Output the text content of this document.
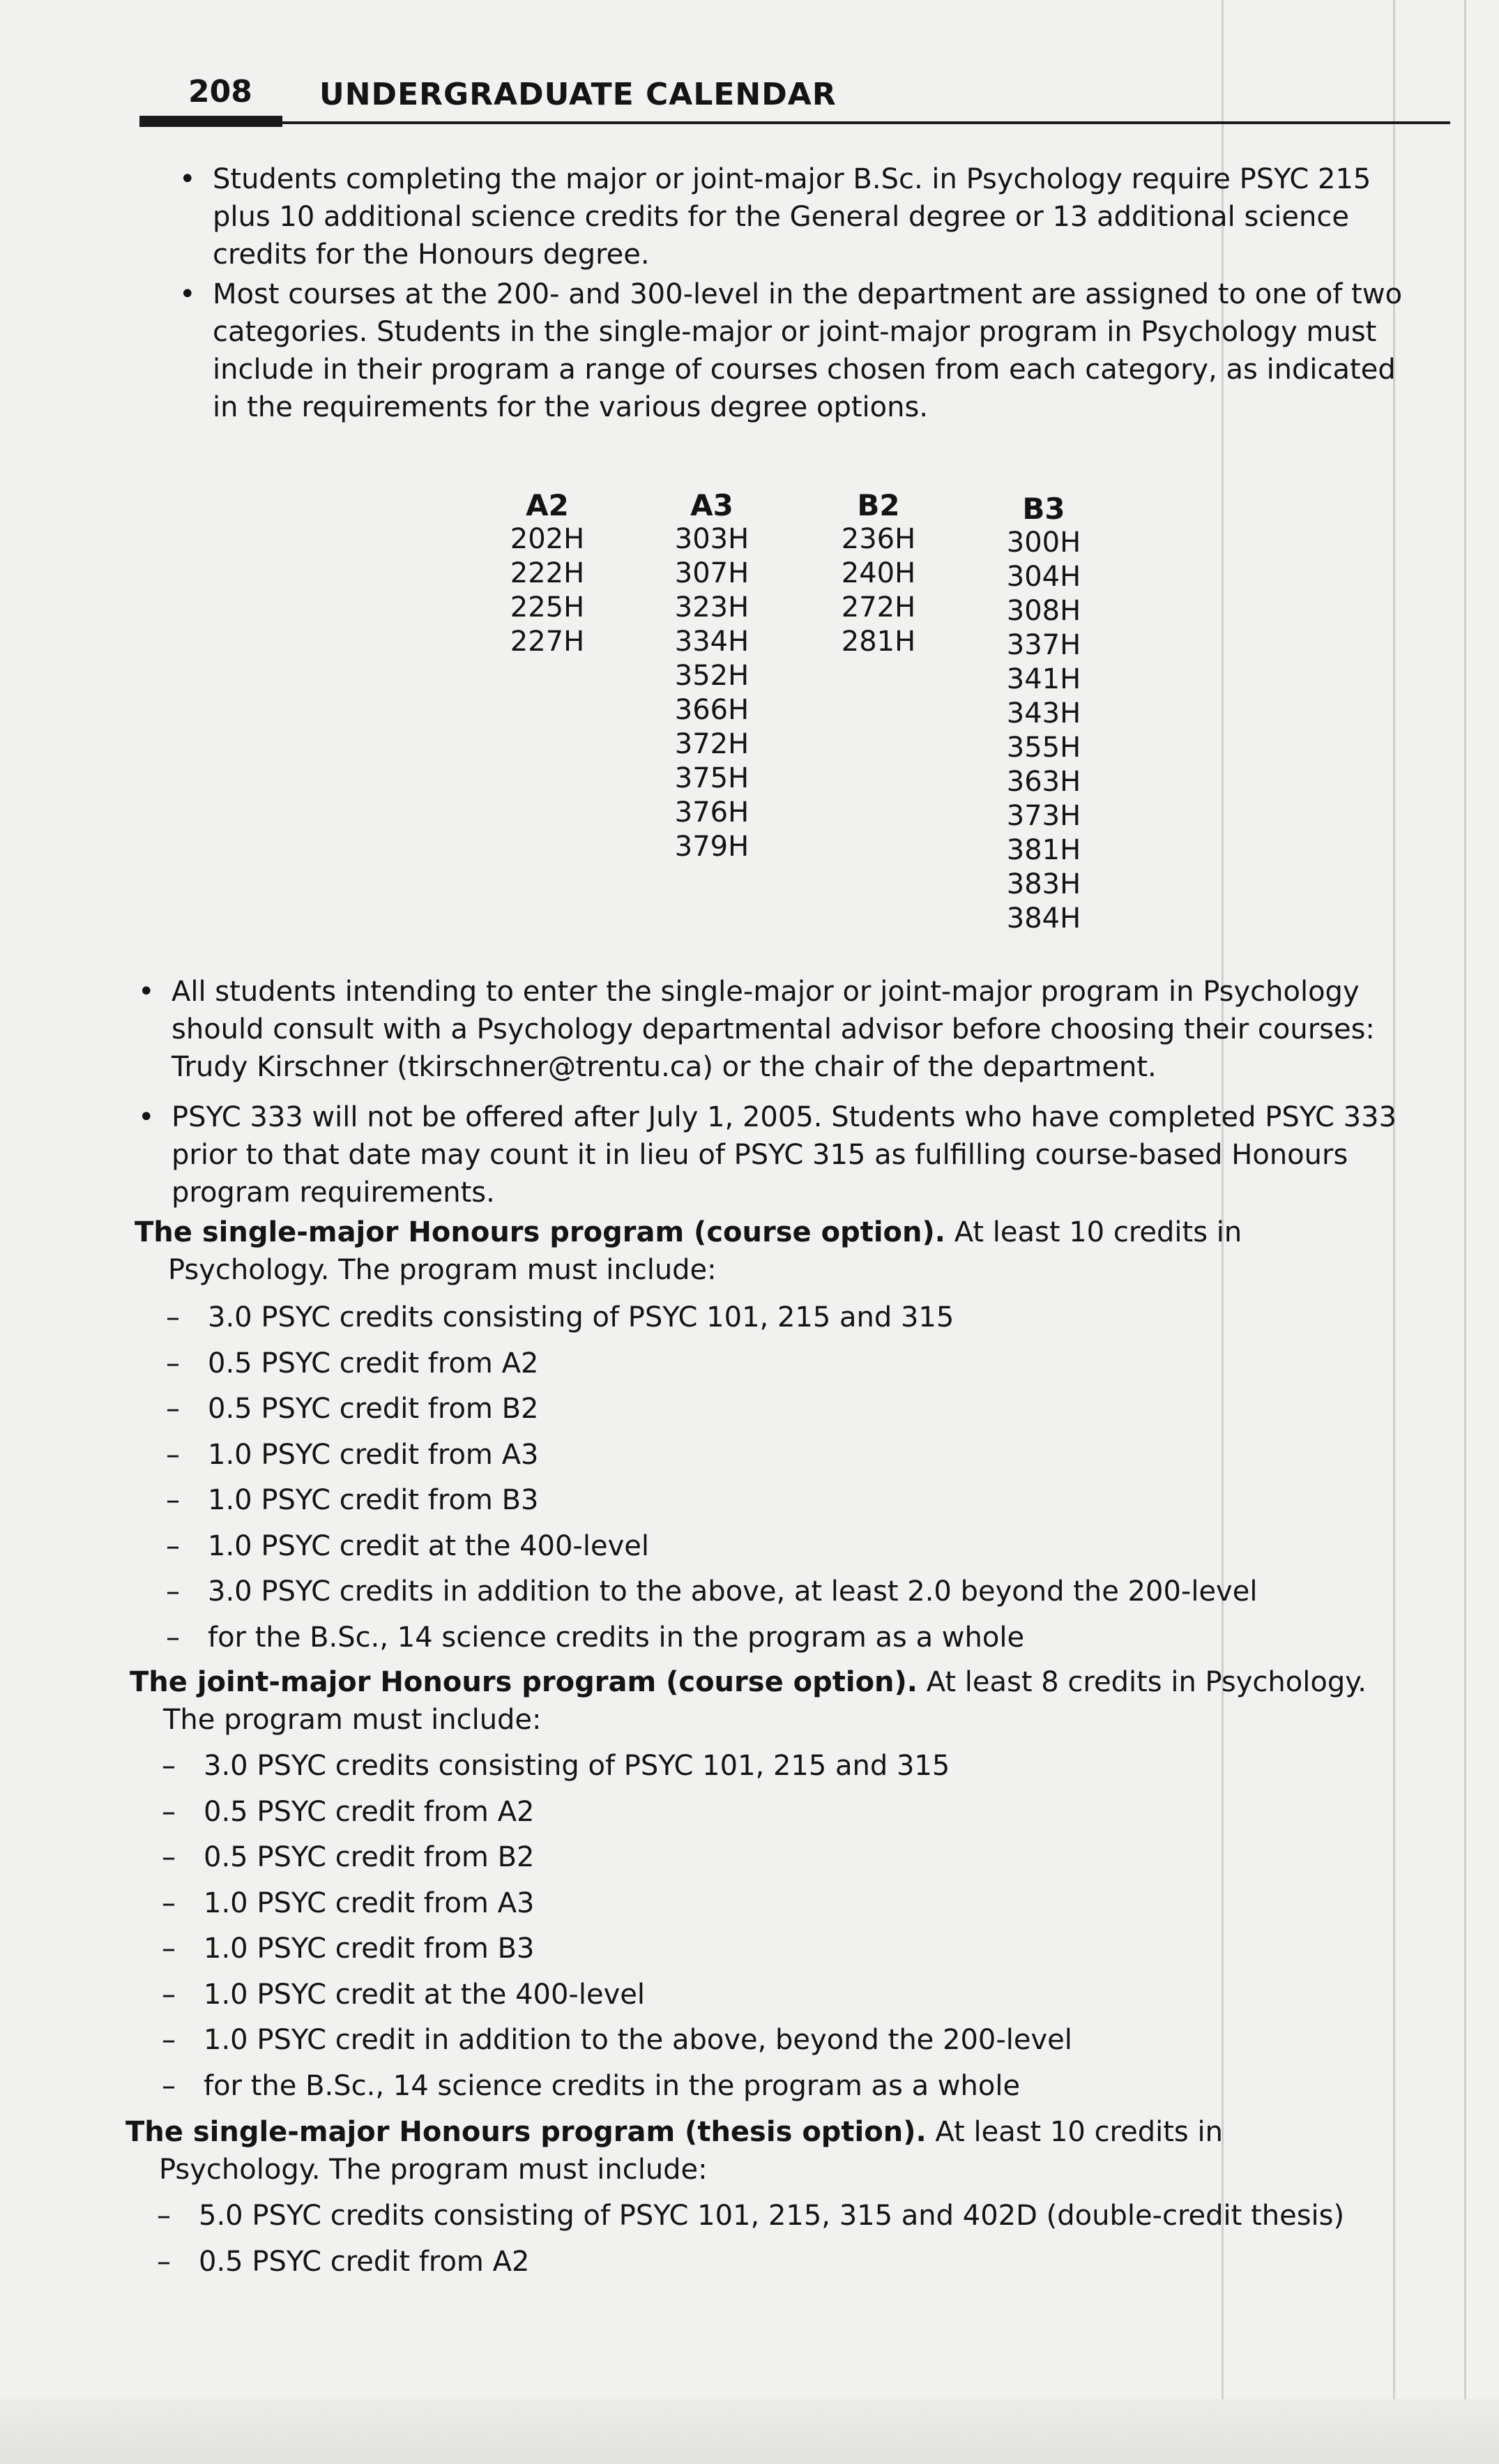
208 UNDERGRADUATE CALENDAR
• Students completing the major or joint-major B.Sc. in Psychology require PSYC 215 plus 10 additional science credits for the General degree or 13 additional science credits for the Honours degree.
• Most courses at the 200- and 300-level in the department are assigned to one of two categories. Students in the single-major or joint-major program in Psychology must include in their program a range of courses chosen from each category, as indicated in the requirements for the various degree options.
A2
202H
222H
225H
227H
A3
303H
307H
323H
334H
352H
366H
372H
375H
376H
379H
B2
236H
240H
272H
281H
B3
300H
304H
308H
337H
341H
343H
355H
363H
373H
381H
383H
384H
• All students intending to enter the single-major or joint-major program in Psychology should consult with a Psychology departmental advisor before choosing their courses: Trudy Kirschner (tkirschner@trentu.ca) or the chair of the department.
• PSYC 333 will not be offered after July 1, 2005. Students who have completed PSYC 333 prior to that date may count it in lieu of PSYC 315 as fulfilling course-based Honours program requirements.
The single-major Honours program (course option). At least 10 credits in Psychology. The program must include:
– 3.0 PSYC credits consisting of PSYC 101, 215 and 315
– 0.5 PSYC credit from A2
– 0.5 PSYC credit from B2
– 1.0 PSYC credit from A3
– 1.0 PSYC credit from B3
– 1.0 PSYC credit at the 400-level
– 3.0 PSYC credits in addition to the above, at least 2.0 beyond the 200-level
– for the B.Sc., 14 science credits in the program as a whole
The joint-major Honours program (course option). At least 8 credits in Psychology. The program must include:
– 3.0 PSYC credits consisting of PSYC 101, 215 and 315
– 0.5 PSYC credit from A2
– 0.5 PSYC credit from B2
– 1.0 PSYC credit from A3
– 1.0 PSYC credit from B3
– 1.0 PSYC credit at the 400-level
– 1.0 PSYC credit in addition to the above, beyond the 200-level
– for the B.Sc., 14 science credits in the program as a whole
The single-major Honours program (thesis option). At least 10 credits in Psychology. The program must include:
– 5.0 PSYC credits consisting of PSYC 101, 215, 315 and 402D (double-credit thesis)
– 0.5 PSYC credit from A2
